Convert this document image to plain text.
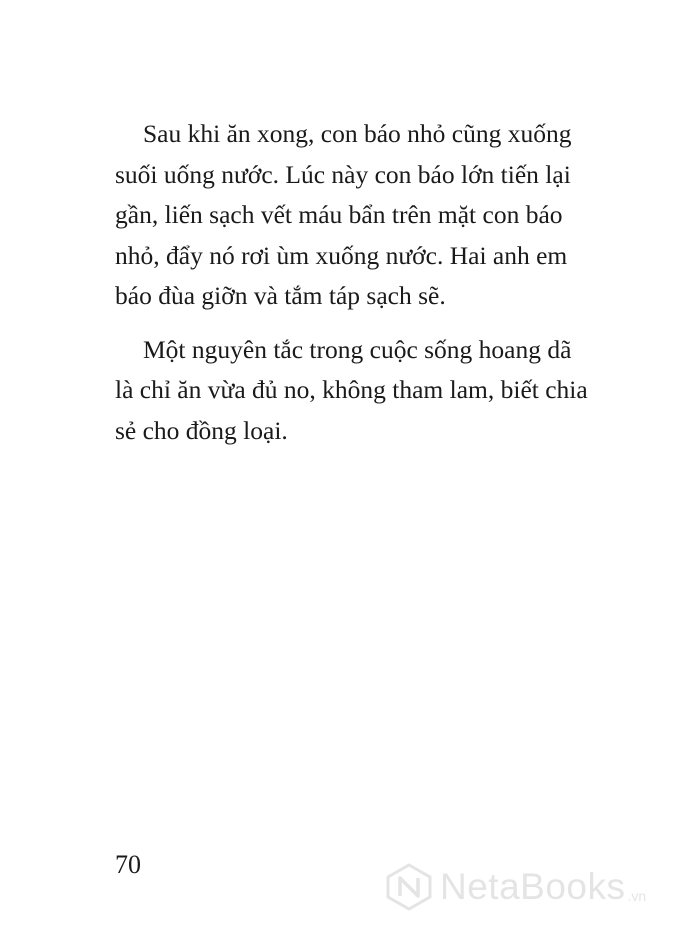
Sau khi ăn xong, con báo nhỏ cũng xuống
suối uống nước. Lúc này con báo lớn tiến lại
gần, liến sạch vết máu bẩn trên mặt con báo
nhỏ, đẩy nó rơi ùm xuống nước. Hai anh em
báo đùa giỡn và tắm táp sạch sẽ.

Một nguyên tắc trong cuộc sống hoang dã
là chỉ ăn vừa đủ no, không tham lam, biết chia
sẻ cho đồng loại.

70
NetaBooks .vn
